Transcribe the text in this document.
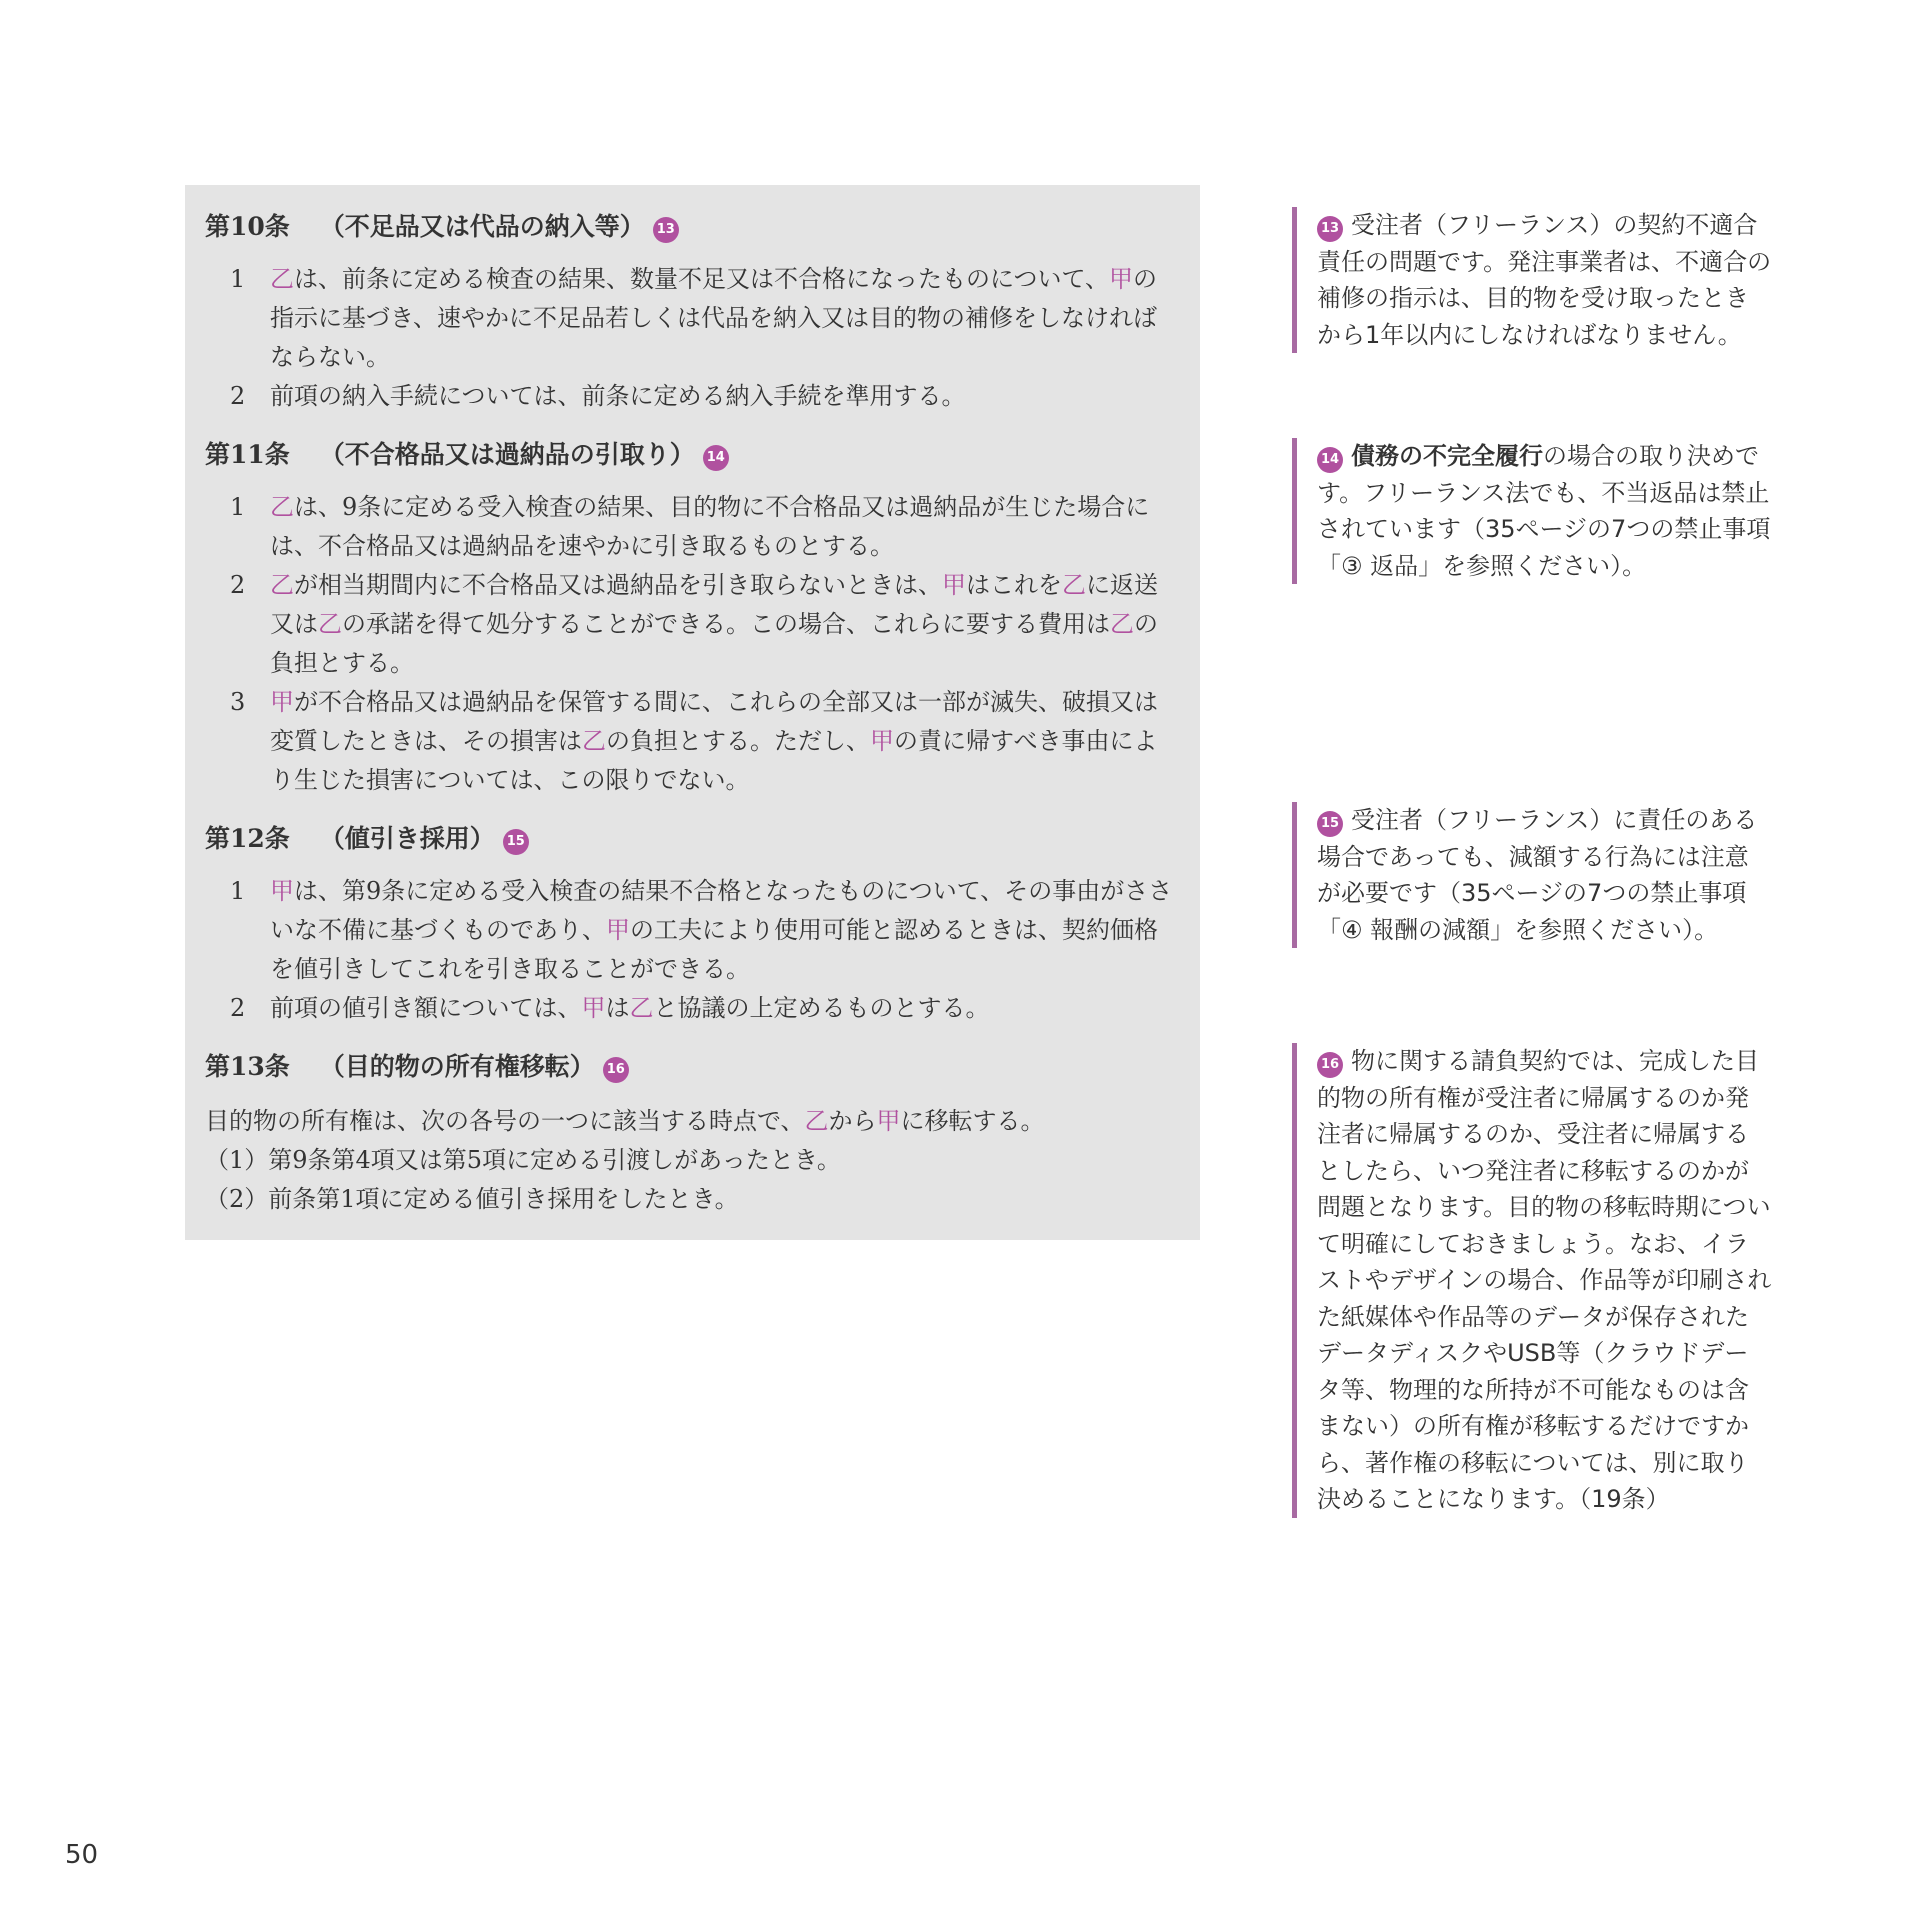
第10条 （不足品又は代品の納入等） 13
1 乙は、前条に定める検査の結果、数量不足又は不合格になったものについて、甲の指示に基づき、速やかに不足品若しくは代品を納入又は目的物の補修をしなければならない。
2 前項の納入手続については、前条に定める納入手続を準用する。
第11条 （不合格品又は過納品の引取り） 14
1 乙は、9条に定める受入検査の結果、目的物に不合格品又は過納品が生じた場合には、不合格品又は過納品を速やかに引き取るものとする。
2 乙が相当期間内に不合格品又は過納品を引き取らないときは、甲はこれを乙に返送又は乙の承諾を得て処分することができる。この場合、これらに要する費用は乙の負担とする。
3 甲が不合格品又は過納品を保管する間に、これらの全部又は一部が滅失、破損又は変質したときは、その損害は乙の負担とする。ただし、甲の責に帰すべき事由により生じた損害については、この限りでない。
第12条 （値引き採用） 15
1 甲は、第9条に定める受入検査の結果不合格となったものについて、その事由がささいな不備に基づくものであり、甲の工夫により使用可能と認めるときは、契約価格を値引きしてこれを引き取ることができる。
2 前項の値引き額については、甲は乙と協議の上定めるものとする。
第13条 （目的物の所有権移転） 16
目的物の所有権は、次の各号の一つに該当する時点で、乙から甲に移転する。
（1）第9条第4項又は第5項に定める引渡しがあったとき。
（2）前条第1項に定める値引き採用をしたとき。
13 受注者（フリーランス）の契約不適合責任の問題です。発注事業者は、不適合の補修の指示は、目的物を受け取ったときから1年以内にしなければなりません。
14 債務の不完全履行の場合の取り決めです。フリーランス法でも、不当返品は禁止されています（35ページの7つの禁止事項「③ 返品」を参照ください）。
15 受注者（フリーランス）に責任のある場合であっても、減額する行為には注意が必要です（35ページの7つの禁止事項「④ 報酬の減額」を参照ください）。
16 物に関する請負契約では、完成した目的物の所有権が受注者に帰属するのか発注者に帰属するのか、受注者に帰属するとしたら、いつ発注者に移転するのかが問題となります。目的物の移転時期について明確にしておきましょう。なお、イラストやデザインの場合、作品等が印刷された紙媒体や作品等のデータが保存されたデータディスクやUSB等（クラウドデータ等、物理的な所持が不可能なものは含まない）の所有権が移転するだけですから、著作権の移転については、別に取り決めることになります。（19条）
50
